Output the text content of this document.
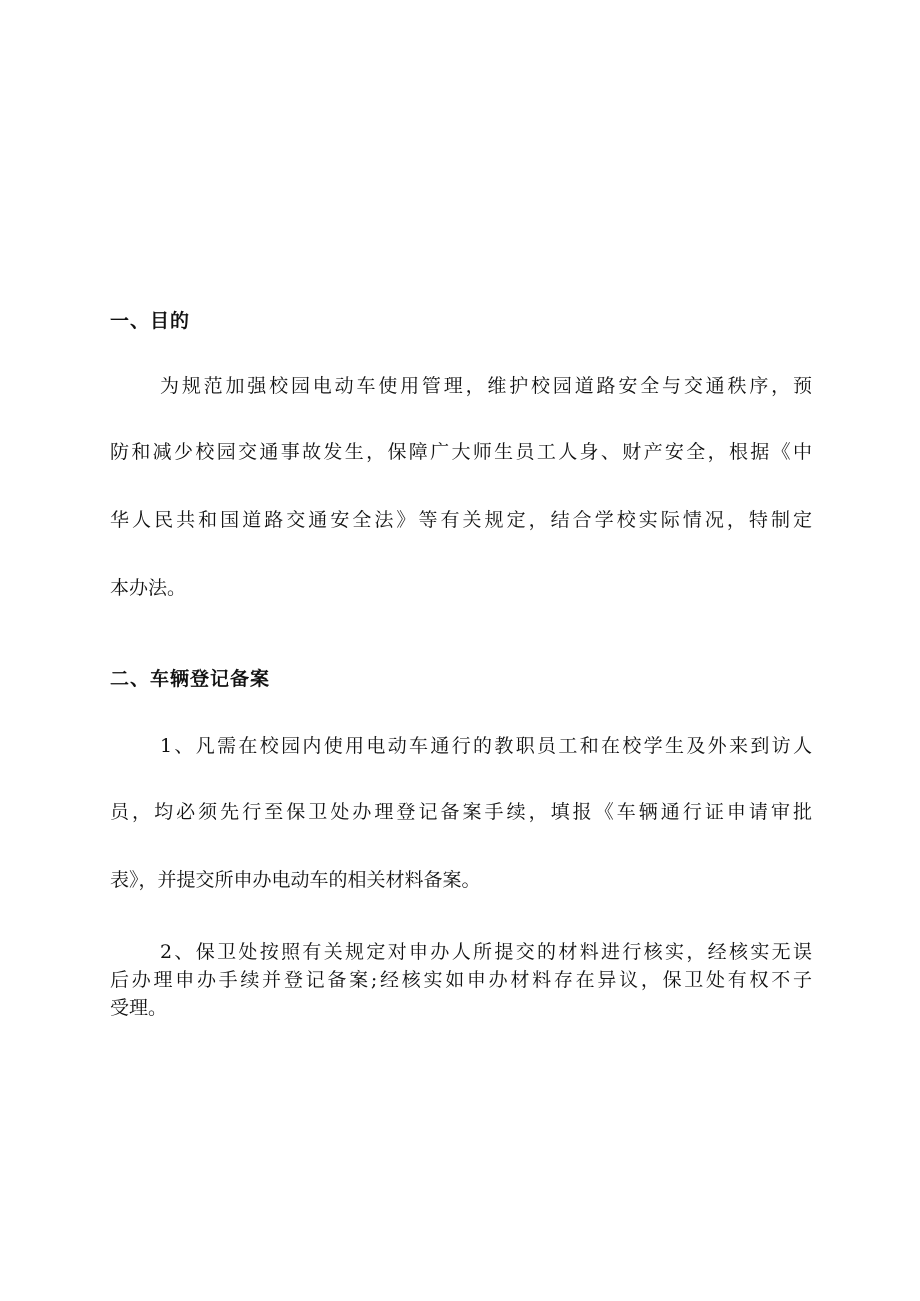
一、目的
为规范加强校园电动车使用管理，维护校园道路安全与交通秩序，预
防和减少校园交通事故发生，保障广大师生员工人身、财产安全，根据《中
华人民共和国道路交通安全法》等有关规定，结合学校实际情况，特制定
本办法。
二、车辆登记备案
1、凡需在校园内使用电动车通行的教职员工和在校学生及外来到访人
员，均必须先行至保卫处办理登记备案手续，填报《车辆通行证申请审批
表》，并提交所申办电动车的相关材料备案。
2、保卫处按照有关规定对申办人所提交的材料进行核实，经核实无误
后办理申办手续并登记备案;经核实如申办材料存在异议，保卫处有权不子
受理。
